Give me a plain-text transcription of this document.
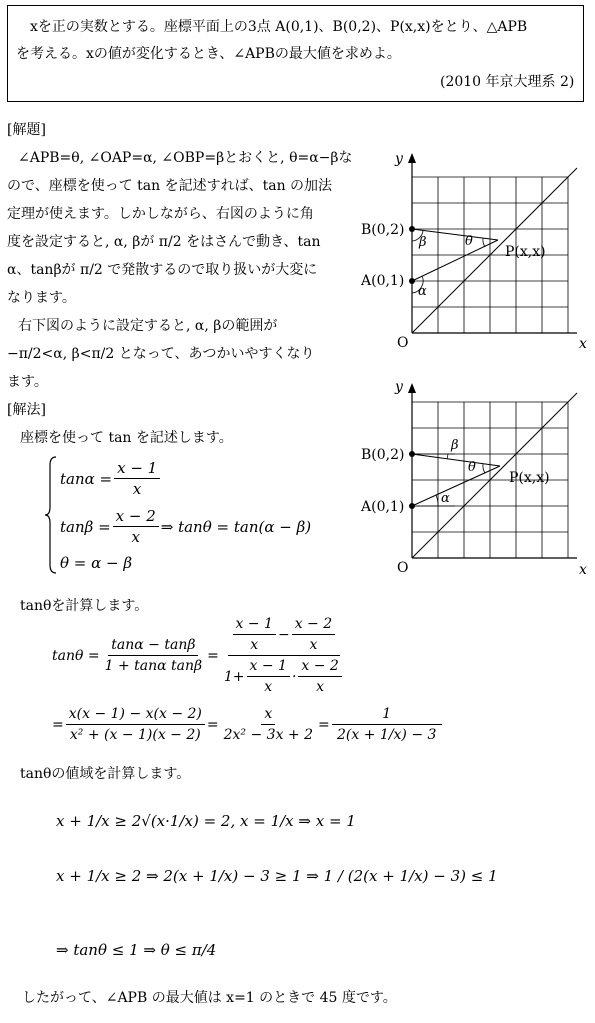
xを正の実数とする。座標平面上の3点 A(0,1)、B(0,2)、P(x,x)をとり、△APB
を考える。xの値が変化するとき、∠APBの最大値を求めよ。
(2010 年京大理系 2)
[解題]
∠APB=θ, ∠OAP=α, ∠OBP=βとおくと, θ=α−βな
ので、座標を使って tan を記述すれば、tan の加法
定理が使えます。しかしながら、右図のように角
度を設定すると, α, βが π/2 をはさんで動き、tan
α、tanβが π/2 で発散するので取り扱いが大変に
なります。
右下図のように設定すると, α, βの範囲が
−π/2<α, β<π/2 となって、あつかいやすくなり
ます。
[解法]
座標を使って tan を記述します。
$\tan\alpha = \frac{x - 1}{x}$
$\tan\beta = \frac{x - 2}{x}$ ⇒ tanθ = tan(α − β)
θ = α − β
tanθを計算します。
$\tan\theta = \frac{\tan\alpha - \tan\beta}{\text{1 + tanα tanβ}} = \frac{\frac{x - 1}{x} - \frac{x - 2}{x}}{1+ \frac{x - 1}{x} \cdot \frac{x - 2}{x}}$
= $\frac{x(x - 1) - x(x - 2)}{\text{x² + (x − 1)(x − 2)}} = \frac{x}{\text{2x² − 3x + 2}} = \frac{1}{2(x + 1/x) - 3}$
tanθの値域を計算します。
x + 1/x ≥ 2√(x·1/x) = 2, x = 1/x ⇒ x = 1
x + 1/x ≥ 2 ⇒ 2(x + 1/x) − 3 ≥ 1 ⇒ 1 / (2(x + 1/x) − 3) ≤ 1
⇒ tanθ ≤ 1 ⇒ θ ≤ π/4
したがって、∠APB の最大値は x=1 のときで 45 度です。
y
x
O
B(0,2)
A(0,1)
P(x,x)
θ
β
α
y
x
O
B(0,2)
A(0,1)
P(x,x)
θ
β
α
